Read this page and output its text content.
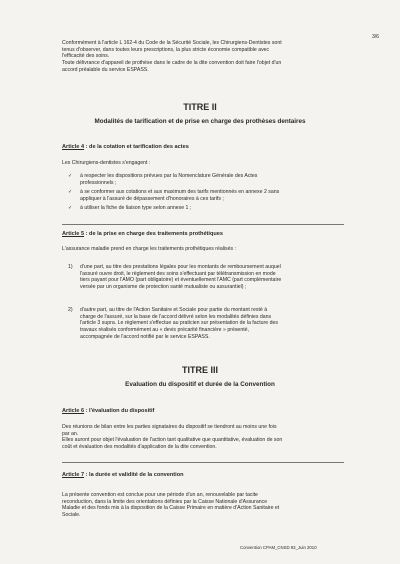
3/6
Conformément à l'article L 162-4 du Code de la Sécurité Sociale, les Chirurgiens-Dentistes sont
tenus d'observer, dans toutes leurs prescriptions, la plus stricte économie compatible avec
l'efficacité des soins.
Toute délivrance d'appareil de prothèse dans le cadre de la dite convention doit faire l'objet d'un
accord préalable du service ESPASS.
TITRE II
Modalités de tarification et de prise en charge des prothèses dentaires
Article 4 : de la cotation et tarification des actes
Les Chirurgiens-dentistes s'engagent :
✓ à respecter les dispositions prévues par la Nomenclature Générale des Actes
professionnels ;
✓ à se conformer aux cotations et aux maximum des tarifs mentionnés en annexe 2 sans
appliquer à l'assuré de dépassement d'honoraires à ces tarifs ;
✓ à utiliser la fiche de liaison type selon annexe 1 ;
Article 5 : de la prise en charge des traitements prothétiques
L'assurance maladie prend en charge les traitements prothétiques réalisés :
1) d'une part, au titre des prestations légales pour les montants de remboursement auquel
l'assuré ouvre droit, le règlement des soins s'effectuant par télétransmission en mode
tiers payant pour l'AMO (part obligatoire) et éventuellement l'AMC (part complémentaire
versée par un organisme de protection santé mutualiste ou assurantiel) ;
2) d'autre part, au titre de l'Action Sanitaire et Sociale pour partie du montant resté à
charge de l'assuré, sur la base de l'accord délivré selon les modalités définies dans
l'article 3 supra. Le règlement s'effectue au praticien sur présentation de la facture des
travaux réalisés conformément au « devis précarité financière » présenté,
accompagnée de l'accord notifié par le service ESPASS.
TITRE III
Evaluation du dispositif et durée de la Convention
Article 6 : l'évaluation du dispositif
Des réunions de bilan entre les parties signataires du dispositif se tiendront au moins une fois
par an.
Elles auront pour objet l'évaluation de l'action tant qualitative que quantitative, évaluation de son
coût et évaluation des modalités d'application de la dite convention.
Article 7 : la durée et validité de la convention
La présente convention est conclue pour une période d'un an, renouvelable par tacite
reconduction, dans la limite des orientations définies par la Caisse Nationale d'Assurance
Maladie et des fonds mis à la disposition de la Caisse Primaire en matière d'Action Sanitaire et
Sociale.
Convention CPAM_CNSD 93_Juin 2010
